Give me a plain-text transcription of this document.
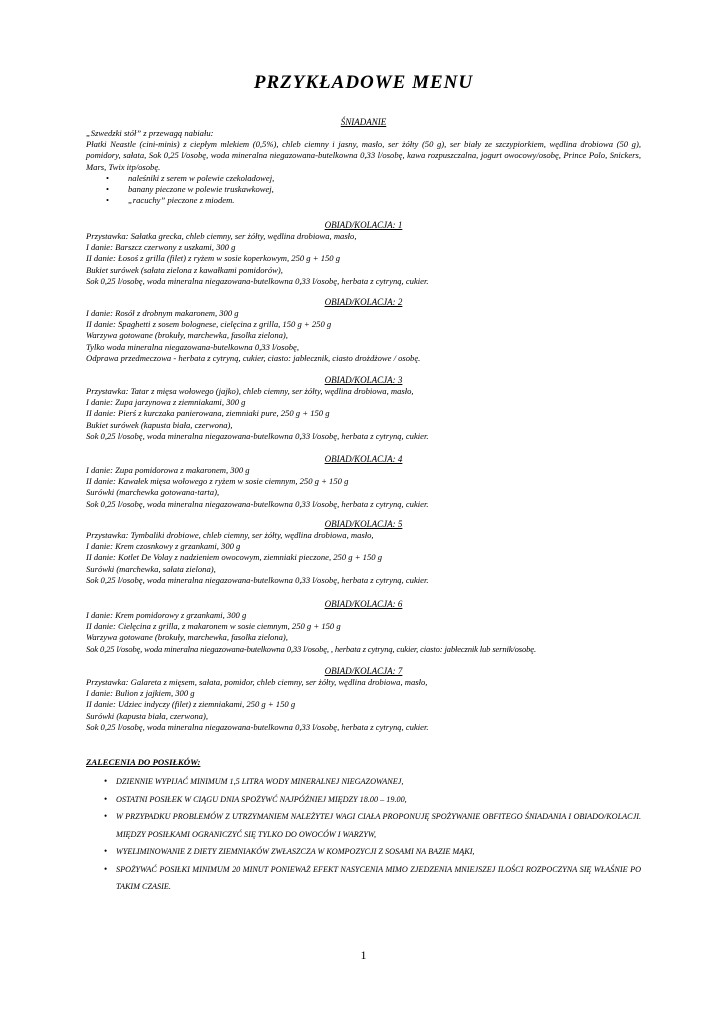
PRZYKŁADOWE MENU

ŚNIADANIE

„Szwedzki stół” z przewagą nabiału:

Płatki Neastle (cini-minis) z ciepłym mlekiem (0,5%), chleb ciemny i jasny, masło, ser żółty (50 g), ser biały ze szczypiorkiem, wędlina drobiowa (50 g), pomidory, sałata, Sok 0,25 l/osobę, woda mineralna niegazowana-butelkowna 0,33 l/osobę, kawa rozpuszczalna, jogurt owocowy/osobę, Prince Polo, Snickers, Mars, Twix itp/osobę.

• naleśniki z serem w polewie czekoladowej,
• banany pieczone w polewie truskawkowej,
• „racuchy” pieczone z miodem.

OBIAD/KOLACJA: 1

Przystawka: Sałatka grecka, chleb ciemny, ser żółty, wędlina drobiowa, masło,

I danie: Barszcz czerwony z uszkami, 300 g

II danie: Łosoś z grilla (filet) z ryżem w sosie koperkowym, 250 g + 150 g

Bukiet surówek (sałata zielona z kawałkami pomidorów),

Sok 0,25 l/osobę, woda mineralna niegazowana-butelkowna 0,33 l/osobę, herbata z cytryną, cukier.

OBIAD/KOLACJA: 2

I danie: Rosół z drobnym makaronem, 300 g

II danie: Spaghetti z sosem bolognese, cielęcina z grilla, 150 g + 250 g

Warzywa gotowane (brokuły, marchewka, fasolka zielona),

Tylko woda mineralna niegazowana-butelkowna 0,33 l/osobę,

Odprawa przedmeczowa - herbata z cytryną, cukier, ciasto: jabłecznik, ciasto drożdżowe / osobę.

OBIAD/KOLACJA: 3

Przystawka: Tatar z mięsa wołowego (jajko), chleb ciemny, ser żółty, wędlina drobiowa, masło,

I danie: Zupa jarzynowa z ziemniakami, 300 g

II danie: Pierś z kurczaka panierowana, ziemniaki pure, 250 g + 150 g

Bukiet surówek (kapusta biała, czerwona),

Sok 0,25 l/osobę, woda mineralna niegazowana-butelkowna 0,33 l/osobę, herbata z cytryną, cukier.

OBIAD/KOLACJA: 4

I danie: Zupa pomidorowa z makaronem, 300 g

II danie: Kawałek mięsa wołowego z ryżem w sosie ciemnym, 250 g + 150 g

Surówki (marchewka gotowana-tarta),

Sok 0,25 l/osobę, woda mineralna niegazowana-butelkowna 0,33 l/osobę, herbata z cytryną, cukier.

OBIAD/KOLACJA: 5

Przystawka: Tymbaliki drobiowe, chleb ciemny, ser żółty, wędlina drobiowa, masło,

I danie: Krem czosnkowy z grzankami, 300 g

II danie: Kotlet De Volay z nadzieniem owocowym, ziemniaki pieczone, 250 g + 150 g

Surówki (marchewka, sałata zielona),

Sok 0,25 l/osobę, woda mineralna niegazowana-butelkowna 0,33 l/osobę, herbata z cytryną, cukier.

OBIAD/KOLACJA: 6

I danie: Krem pomidorowy z grzankami, 300 g

II danie: Cielęcina z grilla, z makaronem w sosie ciemnym, 250 g + 150 g

Warzywa gotowane (brokuły, marchewka, fasolka zielona),

Sok 0,25 l/osobę, woda mineralna niegazowana-butelkowna 0,33 l/osobę, , herbata z cytryną, cukier, ciasto: jabłecznik lub sernik/osobę.

OBIAD/KOLACJA: 7

Przystawka: Galareta z mięsem, sałata, pomidor, chleb ciemny, ser żółty, wędlina drobiowa, masło,

I danie: Bulion z jajkiem, 300 g

II danie: Udziec indyczy (filet) z ziemniakami, 250 g + 150 g

Surówki (kapusta biała, czerwona),

Sok 0,25 l/osobę, woda mineralna niegazowana-butelkowna 0,33 l/osobę, herbata z cytryną, cukier.

ZALECENIA DO POSIŁKÓW:

• DZIENNIE WYPIJAĆ MINIMUM 1,5 LITRA WODY MINERALNEJ NIEGAZOWANEJ,
• OSTATNI POSIŁEK W CIĄGU DNIA SPOŻYWĆ NAJPÓŹNIEJ MIĘDZY 18.00 – 19.00,
• W PRZYPADKU PROBLEMÓW Z UTRZYMANIEM NALEŻYTEJ WAGI CIAŁA PROPONUJĘ SPOŻYWANIE OBFITEGO ŚNIADANIA I OBIADO/KOLACJI. MIĘDZY POSIŁKAMI OGRANICZYĆ SIĘ TYLKO DO OWOCÓW I WARZYW,
• WYELIMINOWANIE Z DIETY ZIEMNIAKÓW ZWŁASZCZA W KOMPOZYCJI Z SOSAMI NA BAZIE MĄKI,
• SPOŻYWAĆ POSIŁKI MINIMUM 20 MINUT PONIEWAŻ EFEKT NASYCENIA MIMO ZJEDZENIA MNIEJSZEJ ILOŚCI ROZPOCZYNA SIĘ WŁAŚNIE PO TAKIM CZASIE.
1
